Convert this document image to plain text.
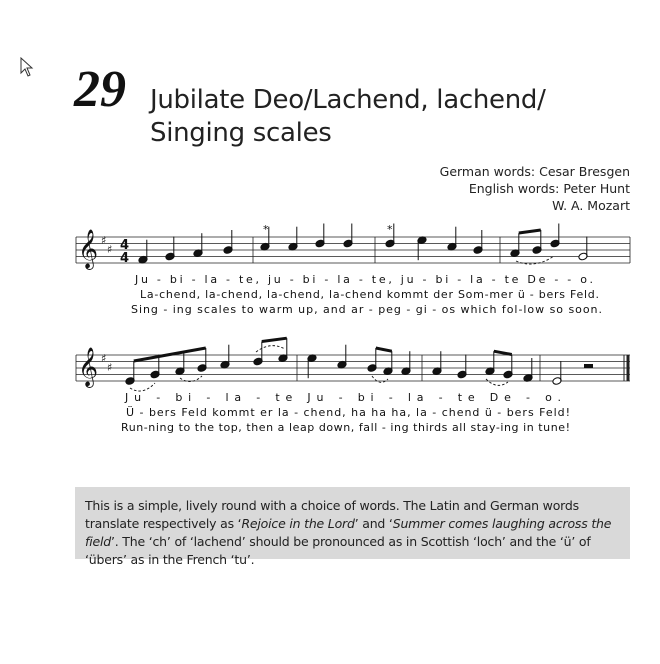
29 Jubilate Deo/Lachend, lachend/
Singing scales
German words: Cesar Bresgen
English words: Peter Hunt
W. A. Mozart
𝄞 ♯
♯ 4
4
*	*
𝄞 ♯
♯
Ju - bi - la - te, ju - bi - la - te, ju - bi - la - te De - - o.
La-chend, la-chend, la-chend, la-chend kommt der Som-mer ü - bers Feld.
Sing - ing scales to warm up, and ar - peg - gi - os which fol-low so soon.
Ju - bi - la - te Ju - bi - la - te De - o.
Ü - bers Feld kommt er la - chend, ha ha ha, la - chend ü - bers Feld!
Run-ning to the top, then a leap down, fall - ing thirds all stay-ing in tune!
This is a simple, lively round with a choice of words. The Latin and German words translate respectively as ‘Rejoice in the Lord’ and ‘Summer comes laughing across the field’. The ‘ch’ of ‘lachend’ should be pronounced as in Scottish ‘loch’ and the ‘ü’ of ‘übers’ as in the French ‘tu’.
